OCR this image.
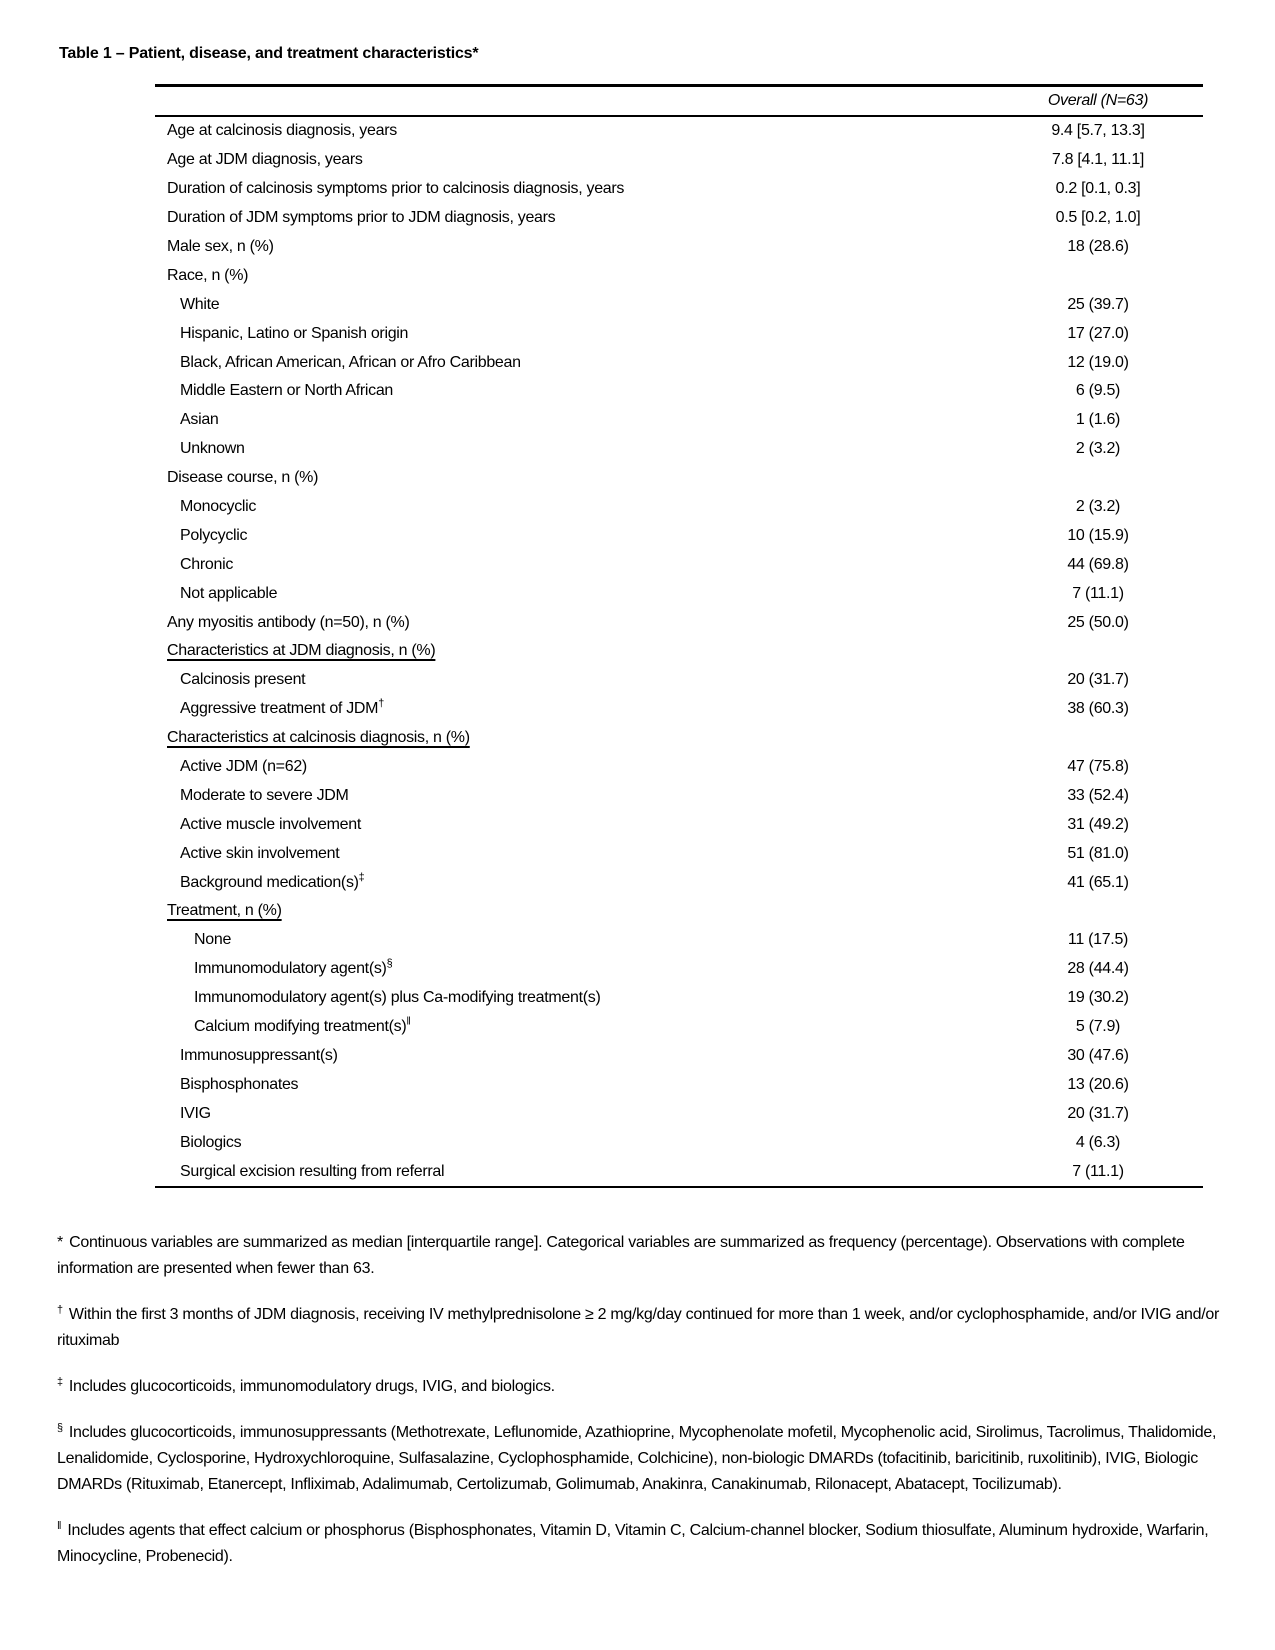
Table 1 – Patient, disease, and treatment characteristics*
Overall (N=63)
Age at calcinosis diagnosis, years	9.4 [5.7, 13.3]
Age at JDM diagnosis, years	7.8 [4.1, 11.1]
Duration of calcinosis symptoms prior to calcinosis diagnosis, years	0.2 [0.1, 0.3]
Duration of JDM symptoms prior to JDM diagnosis, years	0.5 [0.2, 1.0]
Male sex, n (%)	18 (28.6)
Race, n (%)
White	25 (39.7)
Hispanic, Latino or Spanish origin	17 (27.0)
Black, African American, African or Afro Caribbean	12 (19.0)
Middle Eastern or North African	6 (9.5)
Asian	1 (1.6)
Unknown	2 (3.2)
Disease course, n (%)
Monocyclic	2 (3.2)
Polycyclic	10 (15.9)
Chronic	44 (69.8)
Not applicable	7 (11.1)
Any myositis antibody (n=50), n (%)	25 (50.0)
Characteristics at JDM diagnosis, n (%)
Calcinosis present	20 (31.7)
Aggressive treatment of JDM†	38 (60.3)
Characteristics at calcinosis diagnosis, n (%)
Active JDM (n=62)	47 (75.8)
Moderate to severe JDM	33 (52.4)
Active muscle involvement	31 (49.2)
Active skin involvement	51 (81.0)
Background medication(s)‡	41 (65.1)
Treatment, n (%)
None	11 (17.5)
Immunomodulatory agent(s)§	28 (44.4)
Immunomodulatory agent(s) plus Ca-modifying treatment(s)	19 (30.2)
Calcium modifying treatment(s)‖	5 (7.9)
Immunosuppressant(s)	30 (47.6)
Bisphosphonates	13 (20.6)
IVIG	20 (31.7)
Biologics	4 (6.3)
Surgical excision resulting from referral	7 (11.1)

* Continuous variables are summarized as median [interquartile range]. Categorical variables are summarized as frequency (percentage). Observations with complete information are presented when fewer than 63.

† Within the first 3 months of JDM diagnosis, receiving IV methylprednisolone ≥ 2 mg/kg/day continued for more than 1 week, and/or cyclophosphamide, and/or IVIG and/or rituximab

‡ Includes glucocorticoids, immunomodulatory drugs, IVIG, and biologics.

§ Includes glucocorticoids, immunosuppressants (Methotrexate, Leflunomide, Azathioprine, Mycophenolate mofetil, Mycophenolic acid, Sirolimus, Tacrolimus, Thalidomide, Lenalidomide, Cyclosporine, Hydroxychloroquine, Sulfasalazine, Cyclophosphamide, Colchicine), non-biologic DMARDs (tofacitinib, baricitinib, ruxolitinib), IVIG, Biologic DMARDs (Rituximab, Etanercept, Infliximab, Adalimumab, Certolizumab, Golimumab, Anakinra, Canakinumab, Rilonacept, Abatacept, Tocilizumab).

‖ Includes agents that effect calcium or phosphorus (Bisphosphonates, Vitamin D, Vitamin C, Calcium-channel blocker, Sodium thiosulfate, Aluminum hydroxide, Warfarin, Minocycline, Probenecid).
